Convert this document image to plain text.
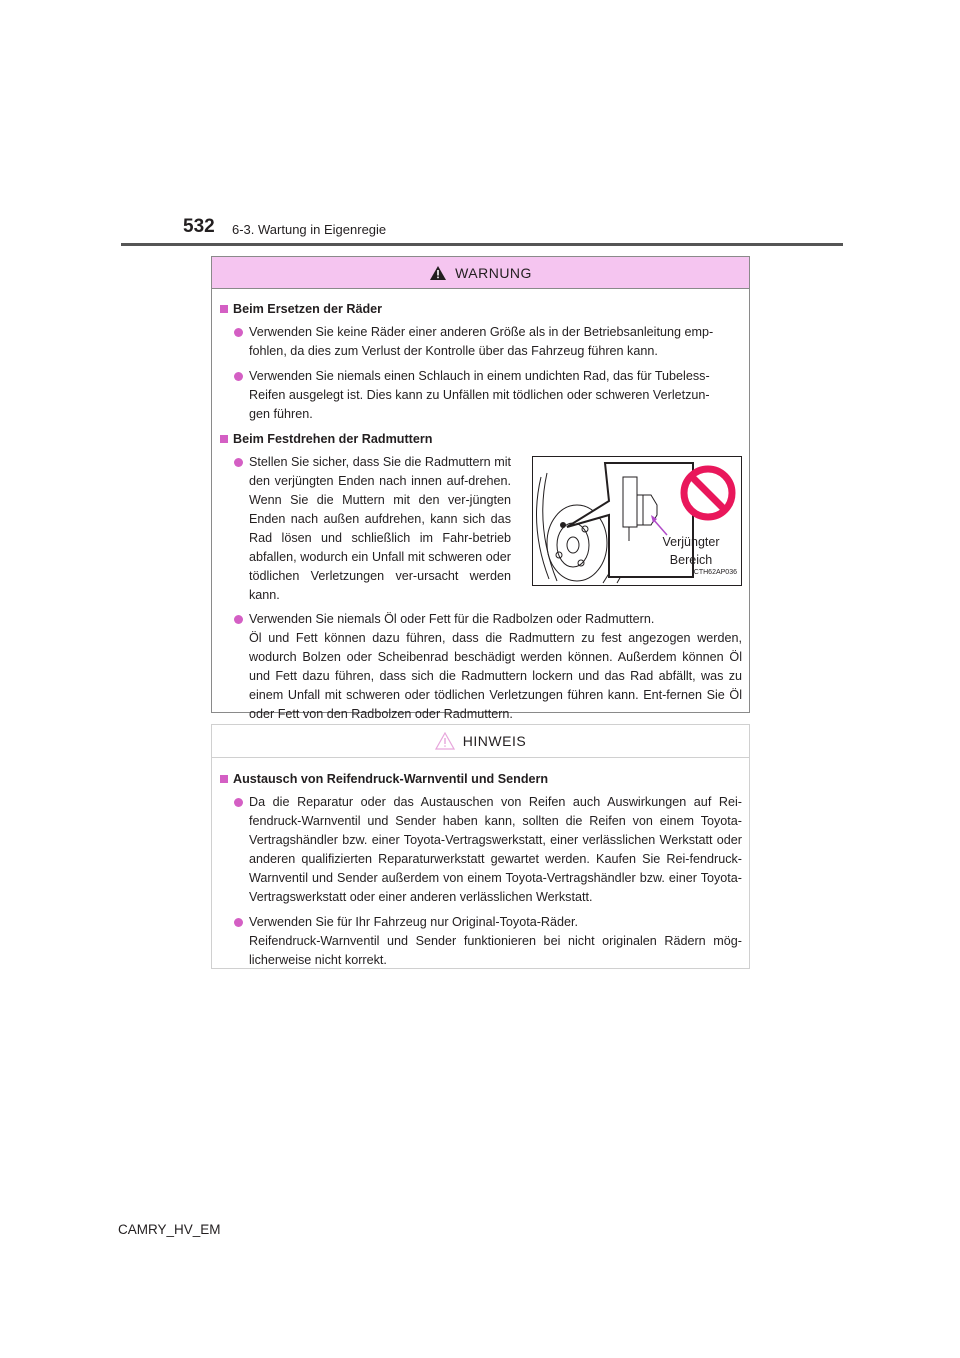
532 6-3. Wartung in Eigenregie
WARNUNG
Beim Ersetzen der Räder
Verwenden Sie keine Räder einer anderen Größe als in der Betriebsanleitung emp-
fohlen, da dies zum Verlust der Kontrolle über das Fahrzeug führen kann.
Verwenden Sie niemals einen Schlauch in einem undichten Rad, das für Tubeless-
Reifen ausgelegt ist. Dies kann zu Unfällen mit tödlichen oder schweren Verletzun-
gen führen.
Beim Festdrehen der Radmuttern
Stellen Sie sicher, dass Sie die Radmuttern mit den verjüngten Enden nach innen auf-drehen. Wenn Sie die Muttern mit den ver-jüngten Enden nach außen aufdrehen, kann sich das Rad lösen und schließlich im Fahr-betrieb abfallen, wodurch ein Unfall mit schweren oder tödlichen Verletzungen ver-ursacht werden kann.
Verjüngter
Bereich
CTH62AP036
Verwenden Sie niemals Öl oder Fett für die Radbolzen oder Radmuttern.
Öl und Fett können dazu führen, dass die Radmuttern zu fest angezogen werden, wodurch Bolzen oder Scheibenrad beschädigt werden können. Außerdem können Öl und Fett dazu führen, dass sich die Radmuttern lockern und das Rad abfällt, was zu einem Unfall mit schweren oder tödlichen Verletzungen führen kann. Ent-fernen Sie Öl oder Fett von den Radbolzen oder Radmuttern.
HINWEIS
Austausch von Reifendruck-Warnventil und Sendern
Da die Reparatur oder das Austauschen von Reifen auch Auswirkungen auf Rei-fendruck-Warnventil und Sender haben kann, sollten die Reifen von einem Toyota-Vertragshändler bzw. einer Toyota-Vertragswerkstatt, einer verlässlichen Werkstatt oder anderen qualifizierten Reparaturwerkstatt gewartet werden. Kaufen Sie Rei-fendruck-Warnventil und Sender außerdem von einem Toyota-Vertragshändler bzw. einer Toyota-Vertragswerkstatt oder einer anderen verlässlichen Werkstatt.
Verwenden Sie für Ihr Fahrzeug nur Original-Toyota-Räder.
Reifendruck-Warnventil und Sender funktionieren bei nicht originalen Rädern mög-licherweise nicht korrekt.
CAMRY_HV_EM
